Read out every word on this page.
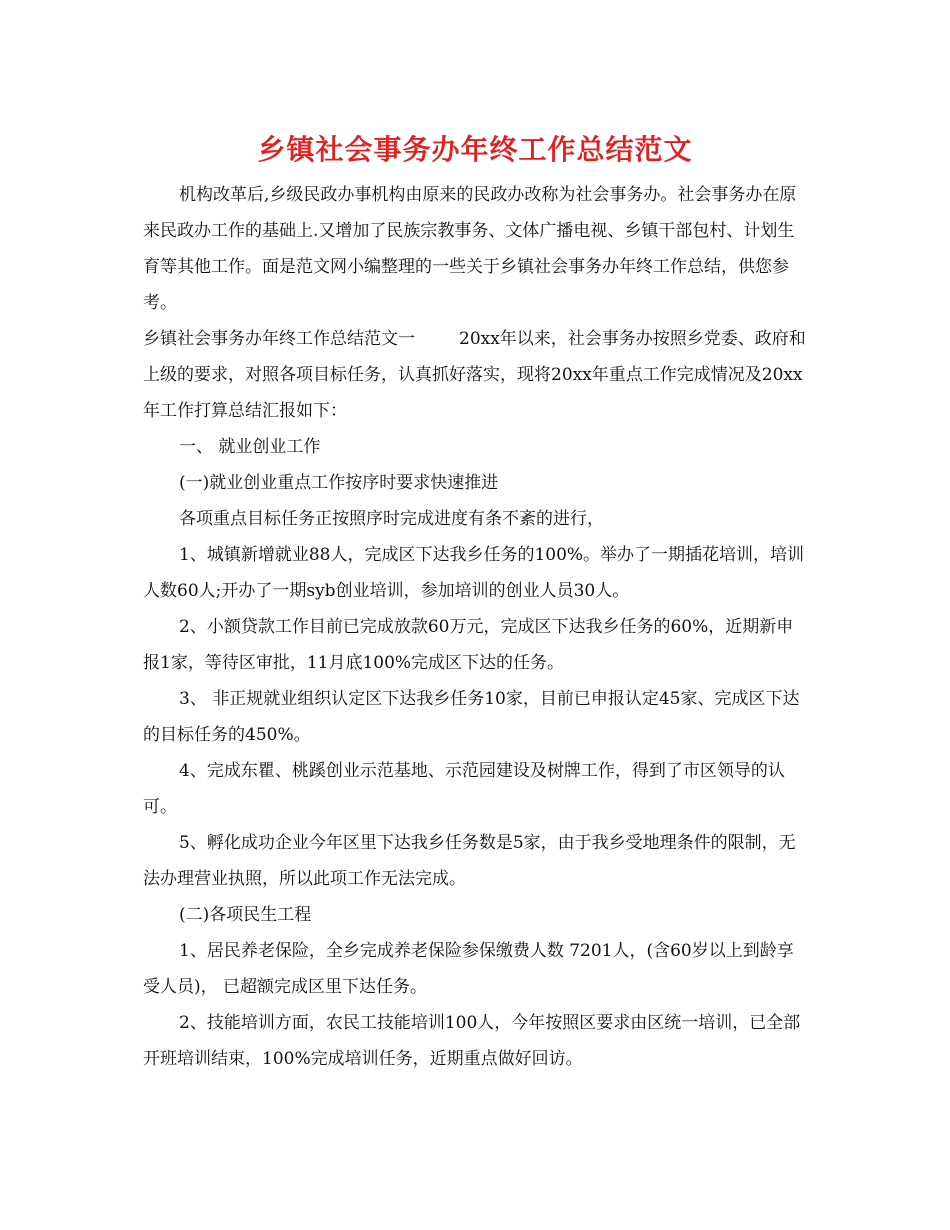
乡镇社会事务办年终工作总结范文

机构改革后,乡级民政办事机构由原来的民政办改称为社会事务办。社会事务办在原来民政办工作的基础上.又增加了民族宗教事务、文体广播电视、乡镇干部包村、计划生育等其他工作。面是范文网小编整理的一些关于乡镇社会事务办年终工作总结，供您参考。

乡镇社会事务办年终工作总结范文一	20xx年以来，社会事务办按照乡党委、政府和上级的要求，对照各项目标任务，认真抓好落实，现将20xx年重点工作完成情况及20xx年工作打算总结汇报如下：

一、 就业创业工作

(一)就业创业重点工作按序时要求快速推进

各项重点目标任务正按照序时完成进度有条不紊的进行，

1、城镇新增就业88人，完成区下达我乡任务的100%。举办了一期插花培训，培训人数60人;开办了一期syb创业培训，参加培训的创业人员30人。

2、小额贷款工作目前已完成放款60万元，完成区下达我乡任务的60%，近期新申报1家，等待区审批，11月底100%完成区下达的任务。

3、 非正规就业组织认定区下达我乡任务10家，目前已申报认定45家、完成区下达的目标任务的450%。

4、完成东瞿、桃蹊创业示范基地、示范园建设及树牌工作，得到了市区领导的认可。

5、孵化成功企业今年区里下达我乡任务数是5家，由于我乡受地理条件的限制，无法办理营业执照，所以此项工作无法完成。

(二)各项民生工程

1、居民养老保险，全乡完成养老保险参保缴费人数 7201人，(含60岁以上到龄享受人员)， 已超额完成区里下达任务。

2、技能培训方面，农民工技能培训100人，今年按照区要求由区统一培训，已全部开班培训结束，100%完成培训任务，近期重点做好回访。
